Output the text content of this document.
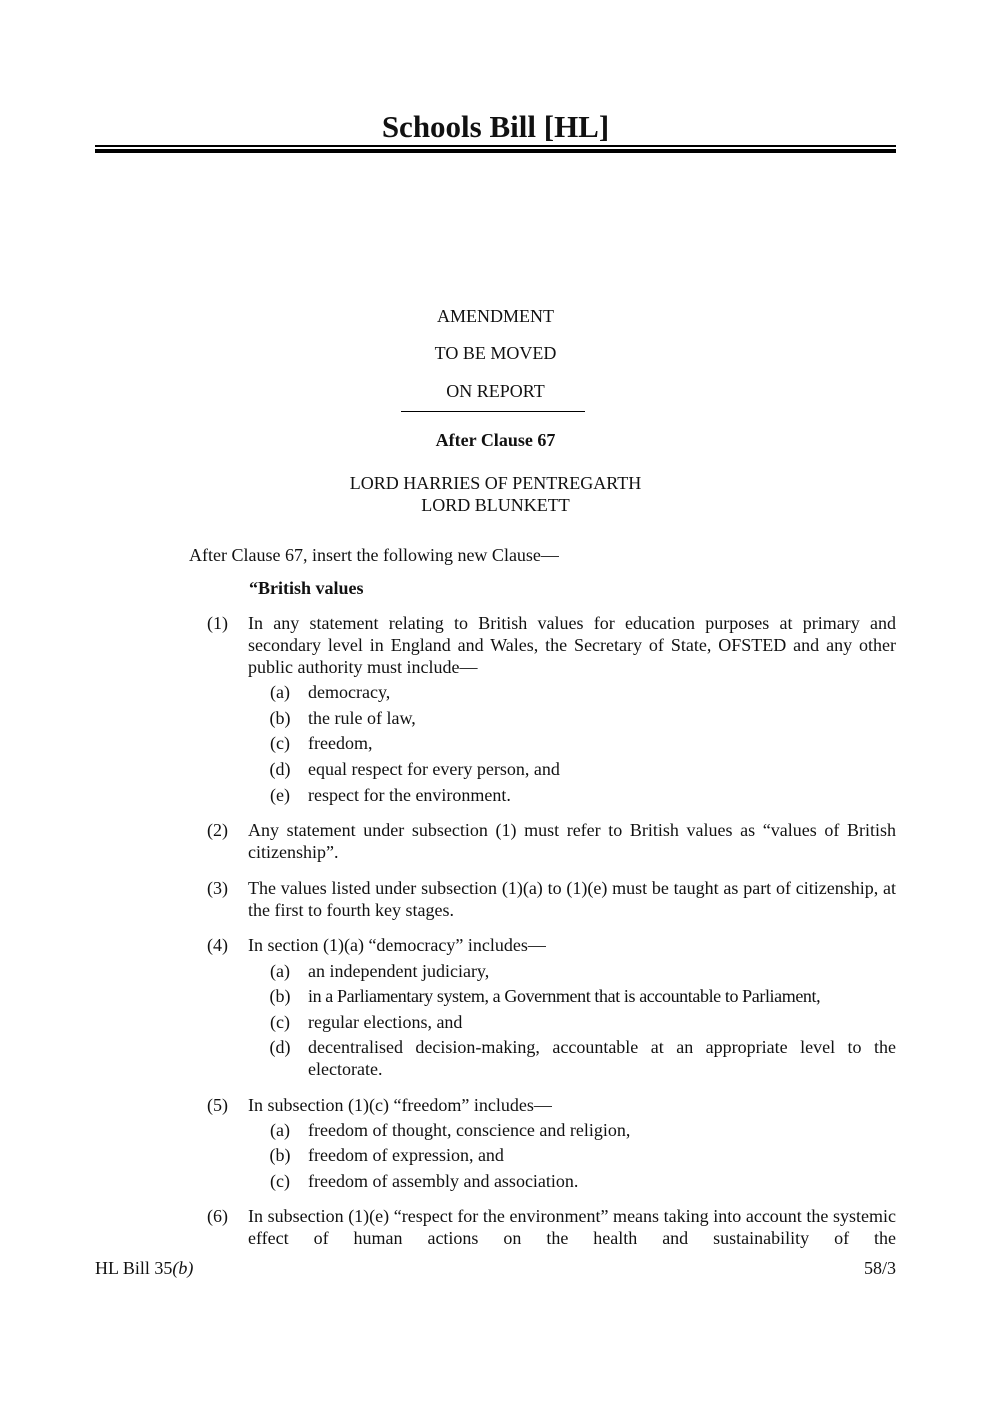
Schools Bill [HL]
AMENDMENT
TO BE MOVED
ON REPORT
After Clause 67
LORD HARRIES OF PENTREGARTH
LORD BLUNKETT
After Clause 67, insert the following new Clause—
“British values
(1) In any statement relating to British values for education purposes at primary and secondary level in England and Wales, the Secretary of State, OFSTED and any other public authority must include—
(a)	democracy,
(b) the rule of law,
(c)	freedom,
(d) equal respect for every person, and
(e)	respect for the environment.
(2) Any statement under subsection (1) must refer to British values as “values of British citizenship”.
(3) The values listed under subsection (1)(a) to (1)(e) must be taught as part of citizenship, at the first to fourth key stages.
(4) In section (1)(a) “democracy” includes—
(a)	an independent judiciary,
(b) in a Parliamentary system, a Government that is accountable to Parliament,
(c)	regular elections, and
(d) decentralised decision-making, accountable at an appropriate level to the electorate.
(5) In subsection (1)(c) “freedom” includes—
(a)	freedom of thought, conscience and religion,
(b) freedom of expression, and
(c)	freedom of assembly and association.
(6) In subsection (1)(e) “respect for the environment” means taking into account the systemic effect of human actions on the health and sustainability of the
HL Bill 35(b)	58/3
